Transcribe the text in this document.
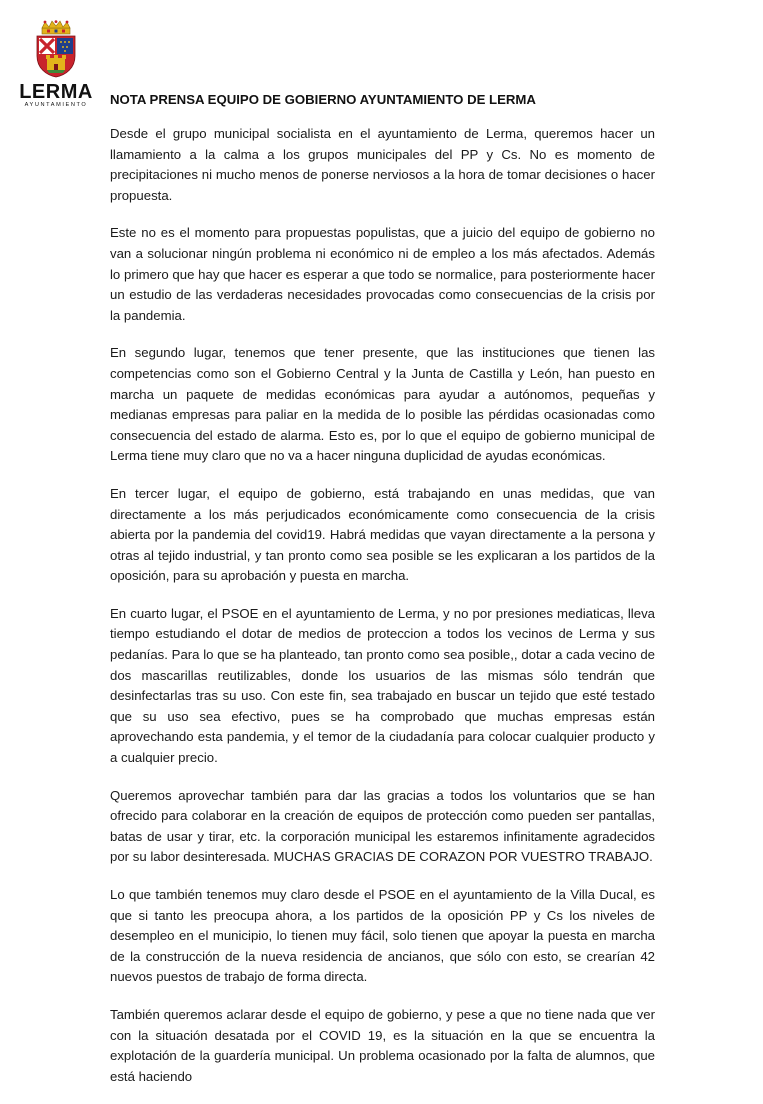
LERMA
AYUNTAMIENTO	NOTA PRENSA EQUIPO DE GOBIERNO AYUNTAMIENTO DE LERMA

Desde el grupo municipal socialista en el ayuntamiento de Lerma, queremos hacer un llamamiento a la calma a los grupos municipales del PP y Cs. No es momento de precipitaciones ni mucho menos de ponerse nerviosos a la hora de tomar decisiones o hacer propuesta.

Este no es el momento para propuestas populistas, que a juicio del equipo de gobierno no van a solucionar ningún problema ni económico ni de empleo a los más afectados. Además lo primero que hay que hacer es esperar a que todo se normalice, para posteriormente hacer un estudio de las verdaderas necesidades provocadas como consecuencias de la crisis por la pandemia.

En segundo lugar, tenemos que tener presente, que las instituciones que tienen las competencias como son el Gobierno Central y la Junta de Castilla y León, han puesto en marcha un paquete de medidas económicas para ayudar a autónomos, pequeñas y medianas empresas para paliar en la medida de lo posible las pérdidas ocasionadas como consecuencia del estado de alarma. Esto es, por lo que el equipo de gobierno municipal de Lerma tiene muy claro que no va a hacer ninguna duplicidad de ayudas económicas.

En tercer lugar, el equipo de gobierno, está trabajando en unas medidas, que van directamente a los más perjudicados económicamente como consecuencia de la crisis abierta por la pandemia del covid19. Habrá medidas que vayan directamente a la persona y otras al tejido industrial, y tan pronto como sea posible se les explicaran a los partidos de la oposición, para su aprobación y puesta en marcha.

En cuarto lugar, el PSOE en el ayuntamiento de Lerma, y no por presiones mediaticas, lleva tiempo estudiando el dotar de medios de proteccion a todos los vecinos de Lerma y sus pedanías. Para lo que se ha planteado, tan pronto como sea posible,, dotar a cada vecino de dos mascarillas reutilizables, donde los usuarios de las mismas sólo tendrán que desinfectarlas tras su uso. Con este fin, sea trabajado en buscar un tejido que esté testado que su uso sea efectivo, pues se ha comprobado que muchas empresas están aprovechando esta pandemia, y el temor de la ciudadanía para colocar cualquier producto y a cualquier precio.

Queremos aprovechar también para dar las gracias a todos los voluntarios que se han ofrecido para colaborar en la creación de equipos de protección como pueden ser pantallas, batas de usar y tirar, etc. la corporación municipal les estaremos infinitamente agradecidos por su labor desinteresada. MUCHAS GRACIAS DE CORAZON POR VUESTRO TRABAJO.

Lo que también tenemos muy claro desde el PSOE en el ayuntamiento de la Villa Ducal, es que si tanto les preocupa ahora, a los partidos de la oposición PP y Cs los niveles de desempleo en el municipio, lo tienen muy fácil, solo tienen que apoyar la puesta en marcha de la construcción de la nueva residencia de ancianos, que sólo con esto, se crearían 42 nuevos puestos de trabajo de forma directa.

También queremos aclarar desde el equipo de gobierno, y pese a que no tiene nada que ver con la situación desatada por el COVID 19, es la situación en la que se encuentra la explotación de la guardería municipal. Un problema ocasionado por la falta de alumnos, que está haciendo
